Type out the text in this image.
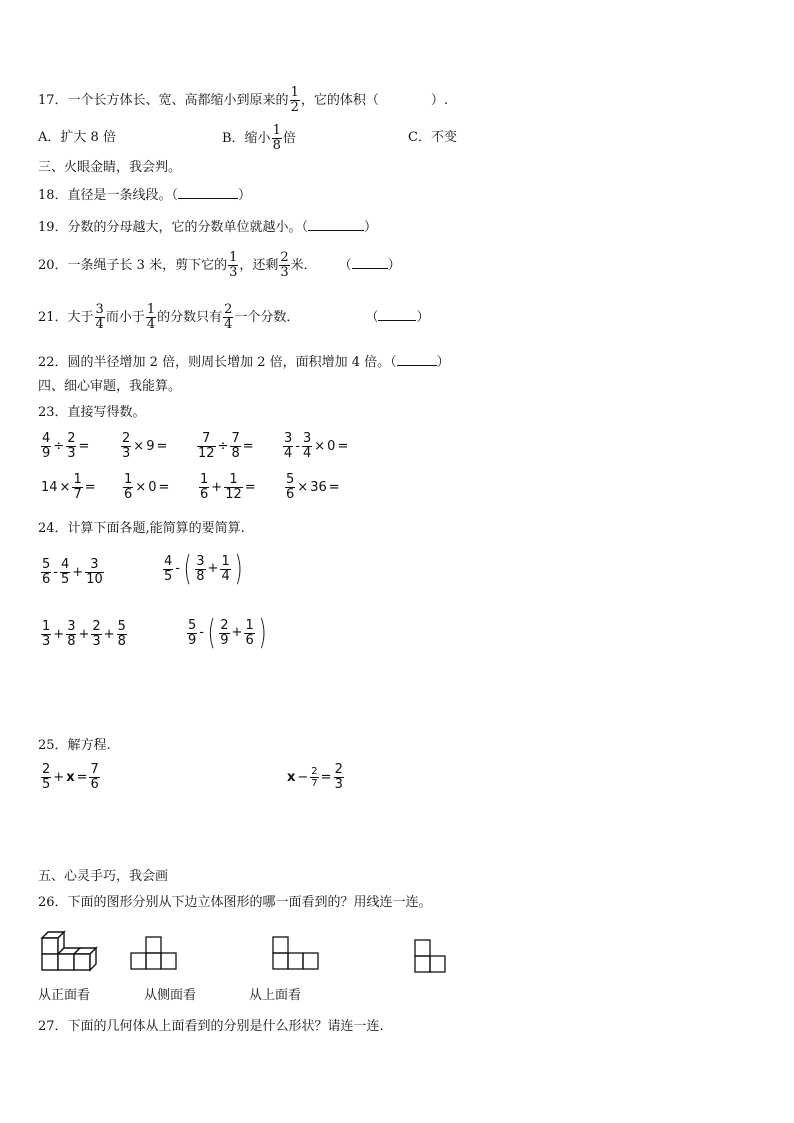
17．一个长方体长、宽、高都缩小到原来的 $\frac{1}{2}$ ，它的体积（	）.
A．扩大 8 倍	B．缩小 $\frac{1}{8}$ 倍	C．不变
三、火眼金睛，我会判。
18．直径是一条线段。（	）
19．分数的分母越大，它的分数单位就越小。（	）
20．一条绳子长 3 米，剪下它的 $\frac{1}{3}$ ，还剩 $\frac{2}{3}$ 米． （	）
21．大于 $\frac{3}{4}$ 而小于 $\frac{1}{4}$ 的分数只有 $\frac{2}{4}$ 一个分数．	（	）
22．圆的半径增加 2 倍，则周长增加 2 倍，面积增加 4 倍。（	）
四、细心审题，我能算。
23．直接写得数。
$\frac{4}{9} \div \frac{2}{3} = \frac{2}{3} \times 9 = \frac{7}{12} \div \frac{7}{8} = \frac{3}{4} - \frac{3}{4} \times 0$ =
$14 \times \frac{1}{7} = \frac{1}{6} \times 0 = \frac{1}{6} + \frac{1}{12} = \frac{5}{6} \times 36$ =
24．计算下面各题,能简算的要简算.
$\frac{5}{6} - \frac{4}{5} + \frac{3}{10}$	$\frac{4}{5}$ - ( $\frac{3}{8} + \frac{1}{4}$ )
$\frac{1}{3} + \frac{3}{8} + \frac{2}{3} + \frac{5}{8}$	$\frac{5}{9}$ - ( $\frac{2}{9} + \frac{1}{6}$ )
25．解方程.
$\frac{2}{5} + x = \frac{7}{6}$	$x - \frac{2}{7} = \frac{2}{3}$
五、心灵手巧，我会画
26．下面的图形分别从下边立体图形的哪一面看到的？用线连一连。
从正面看	从侧面看	从上面看
27．下面的几何体从上面看到的分别是什么形状？请连一连.
